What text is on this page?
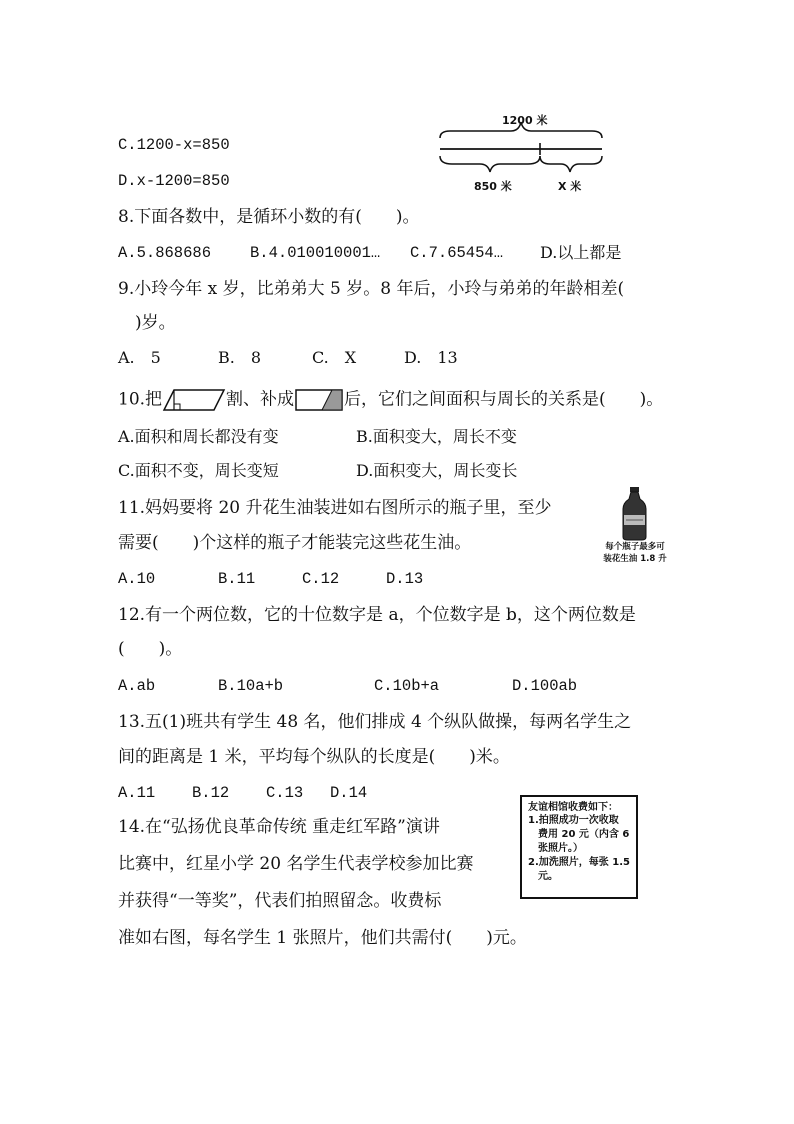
C.1200-x=850
D.x-1200=850
1200 米
850 米	X 米
8.下面各数中，是循环小数的有(　　)。
A.5.868686	B.4.010010001… C.7.65454… D.以上都是
9.小玲今年 x 岁，比弟弟大 5 岁。8 年后，小玲与弟弟的年龄相差(
　)岁。
A.　5	B.　8	C.　X	D.　13
10.把	割、补成	后，它们之间面积与周长的关系是(　　)。
A.面积和周长都没有变	B.面积变大，周长不变
C.面积不变，周长变短	D.面积变大，周长变长
11.妈妈要将 20 升花生油装进如右图所示的瓶子里，至少
需要(　　)个这样的瓶子才能装完这些花生油。	每个瓶子最多可
装花生油 1.8 升
A.10	B.11	C.12	D.13
12.有一个两位数，它的十位数字是 a，个位数字是 b，这个两位数是
(　　)。
A.ab	B.10a+b	C.10b+a	D.100ab
13.五(1)班共有学生 48 名，他们排成 4 个纵队做操，每两名学生之
间的距离是 1 米，平均每个纵队的长度是(　　)米。
A.11 B.12 C.13 D.14
14.在“弘扬优良革命传统 重走红军路”演讲
比赛中，红星小学 20 名学生代表学校参加比赛
并获得“一等奖”，代表们拍照留念。收费标
准如右图，每名学生 1 张照片，他们共需付(　　)元。
友谊相馆收费如下：
1.拍照成功一次收取
费用 20 元（内含 6
张照片。）
2.加洗照片，每张 1.5
元。
